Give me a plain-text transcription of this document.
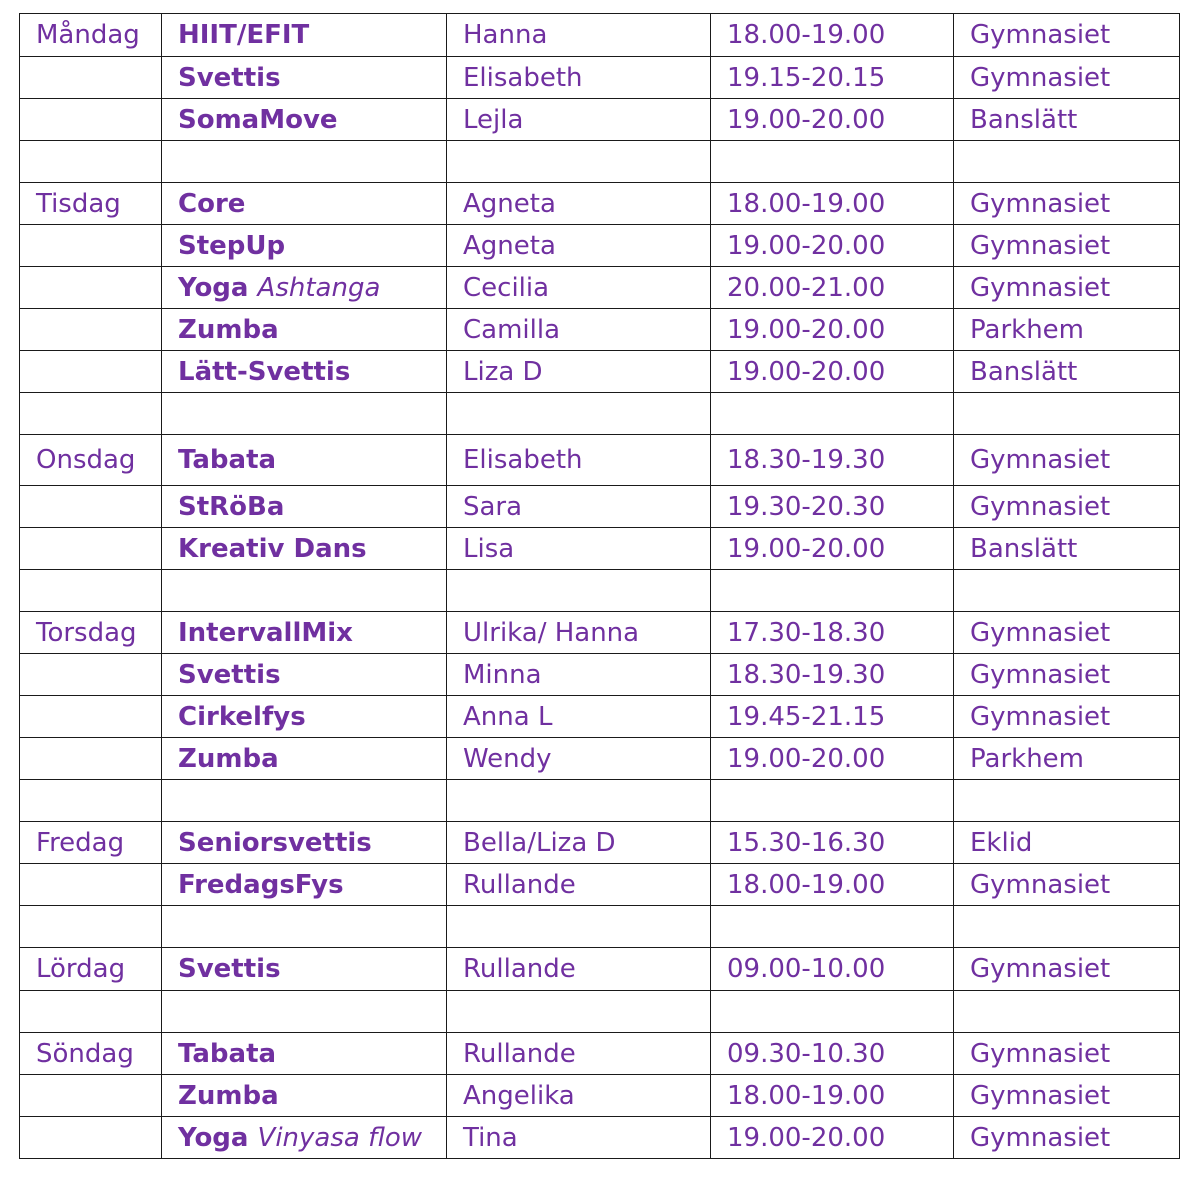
Måndag	HIIT/EFIT	Hanna	18.00-19.00	Gymnasiet
	Svettis	Elisabeth	19.15-20.15	Gymnasiet
	SomaMove	Lejla	19.00-20.00	Banslätt

Tisdag	Core	Agneta	18.00-19.00	Gymnasiet
	StepUp	Agneta	19.00-20.00	Gymnasiet
	Yoga Ashtanga	Cecilia	20.00-21.00	Gymnasiet
	Zumba	Camilla	19.00-20.00	Parkhem
	Lätt-Svettis	Liza D	19.00-20.00	Banslätt

Onsdag	Tabata	Elisabeth	18.30-19.30	Gymnasiet
	StRöBa	Sara	19.30-20.30	Gymnasiet
	Kreativ Dans	Lisa	19.00-20.00	Banslätt

Torsdag	IntervallMix	Ulrika/ Hanna	17.30-18.30	Gymnasiet
	Svettis	Minna	18.30-19.30	Gymnasiet
	Cirkelfys	Anna L	19.45-21.15	Gymnasiet
	Zumba	Wendy	19.00-20.00	Parkhem

Fredag	Seniorsvettis	Bella/Liza D	15.30-16.30	Eklid
	FredagsFys	Rullande	18.00-19.00	Gymnasiet

Lördag	Svettis	Rullande	09.00-10.00	Gymnasiet

Söndag	Tabata	Rullande	09.30-10.30	Gymnasiet
	Zumba	Angelika	18.00-19.00	Gymnasiet
	Yoga Vinyasa flow	Tina	19.00-20.00	Gymnasiet
